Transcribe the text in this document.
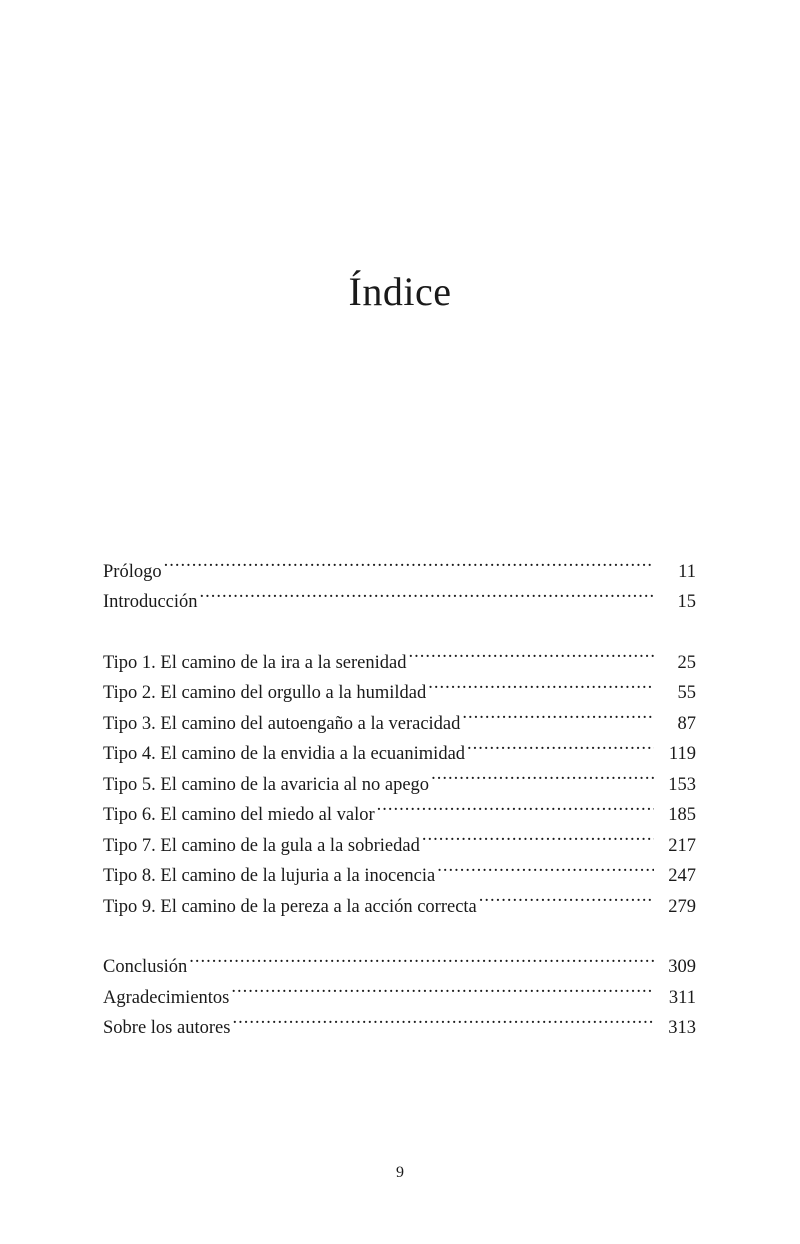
Índice
Prólogo .....	11
Introducción .....	15
Tipo 1. El camino de la ira a la serenidad .....	25
Tipo 2. El camino del orgullo a la humildad .....	55
Tipo 3. El camino del autoengaño a la veracidad .....	87
Tipo 4. El camino de la envidia a la ecuanimidad .....	119
Tipo 5. El camino de la avaricia al no apego .....	153
Tipo 6. El camino del miedo al valor .....	185
Tipo 7. El camino de la gula a la sobriedad .....	217
Tipo 8. El camino de la lujuria a la inocencia .....	247
Tipo 9. El camino de la pereza a la acción correcta .....	279
Conclusión .....	309
Agradecimientos .....	311
Sobre los autores .....	313
9
